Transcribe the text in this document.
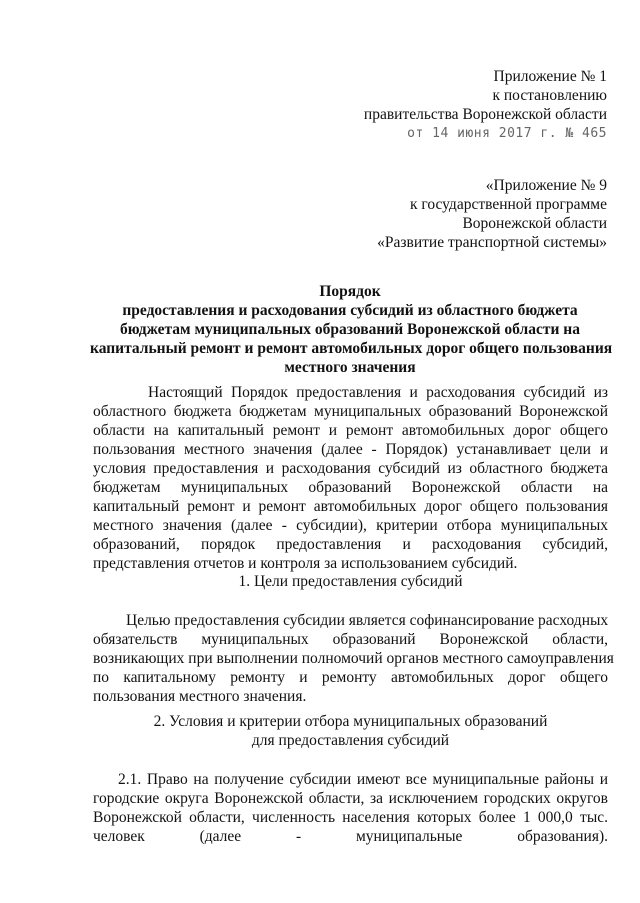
Приложение № 1
к постановлению
правительства Воронежской области
от 14 июня 2017 г. № 465
«Приложение № 9
к государственной программе
Воронежской области
«Развитие транспортной системы»
Порядок
предоставления и расходования субсидий из областного бюджета
бюджетам муниципальных образований Воронежской области на
капитальный ремонт и ремонт автомобильных дорог общего пользования
местного значения
Настоящий Порядок предоставления и расходования субсидий из
областного бюджета бюджетам муниципальных образований Воронежской
области на капитальный ремонт и ремонт автомобильных дорог общего
пользования местного значения (далее - Порядок) устанавливает цели и
условия предоставления и расходования субсидий из областного бюджета
бюджетам муниципальных образований Воронежской области на
капитальный ремонт и ремонт автомобильных дорог общего пользования
местного значения (далее - субсидии), критерии отбора муниципальных
образований, порядок предоставления и расходования субсидий,
представления отчетов и контроля за использованием субсидий.
1. Цели предоставления субсидий
Целью предоставления субсидии является софинансирование расходных
обязательств муниципальных образований Воронежской области,
возникающих при выполнении полномочий органов местного самоуправления
по капитальному ремонту и ремонту автомобильных дорог общего
пользования местного значения.
2. Условия и критерии отбора муниципальных образований
для предоставления субсидий
2.1. Право на получение субсидии имеют все муниципальные районы и
городские округа Воронежской области, за исключением городских округов
Воронежской области, численность населения которых более 1 000,0 тыс.
человек (далее - муниципальные образования).
